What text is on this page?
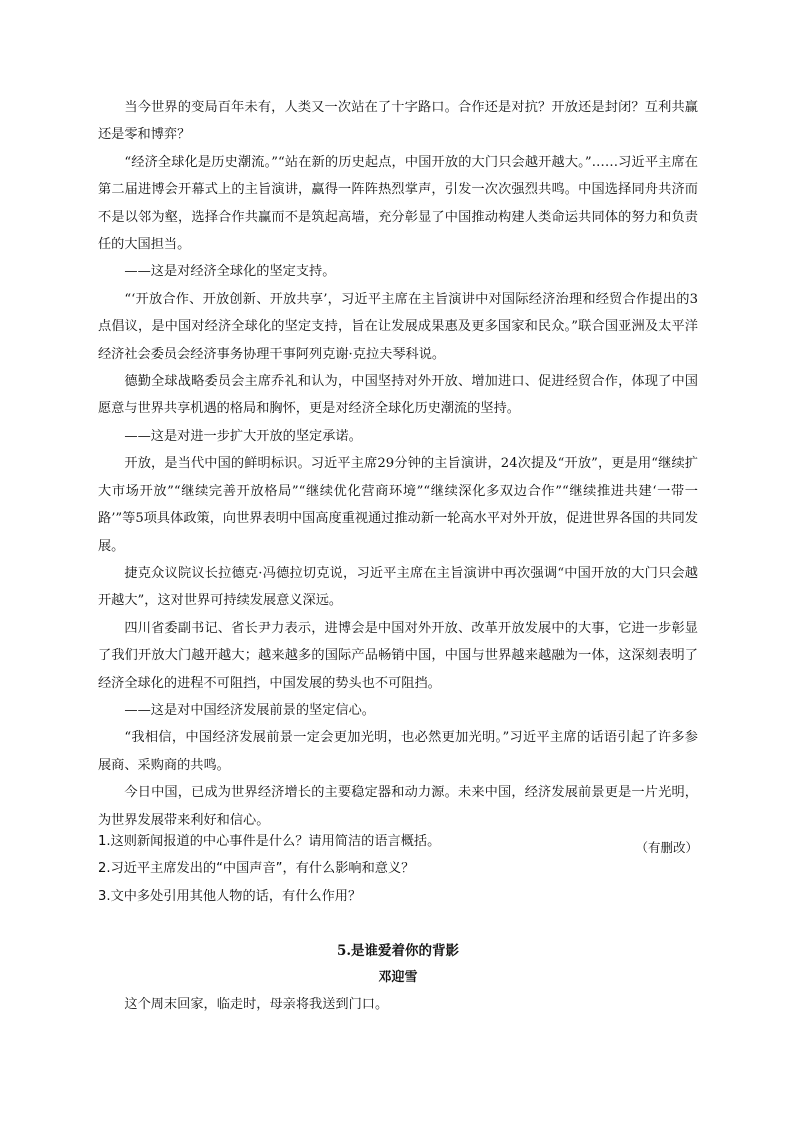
当今世界的变局百年未有，人类又一次站在了十字路口。合作还是对抗？开放还是封闭？互利共赢还是零和博弈？

“经济全球化是历史潮流。”“站在新的历史起点，中国开放的大门只会越开越大。”……习近平主席在第二届进博会开幕式上的主旨演讲，赢得一阵阵热烈掌声，引发一次次强烈共鸣。中国选择同舟共济而不是以邻为壑，选择合作共赢而不是筑起高墙，充分彰显了中国推动构建人类命运共同体的努力和负责任的大国担当。

——这是对经济全球化的坚定支持。

“‘开放合作、开放创新、开放共享’，习近平主席在主旨演讲中对国际经济治理和经贸合作提出的3点倡议，是中国对经济全球化的坚定支持，旨在让发展成果惠及更多国家和民众。”联合国亚洲及太平洋经济社会委员会经济事务协理干事阿列克谢·克拉夫琴科说。

德勤全球战略委员会主席乔礼和认为，中国坚持对外开放、增加进口、促进经贸合作，体现了中国愿意与世界共享机遇的格局和胸怀，更是对经济全球化历史潮流的坚持。

——这是对进一步扩大开放的坚定承诺。

开放，是当代中国的鲜明标识。习近平主席29分钟的主旨演讲，24次提及“开放”，更是用“继续扩大市场开放”“继续完善开放格局”“继续优化营商环境”“继续深化多双边合作”“继续推进共建‘一带一路’”等5项具体政策，向世界表明中国高度重视通过推动新一轮高水平对外开放，促进世界各国的共同发展。

捷克众议院议长拉德克·冯德拉切克说，习近平主席在主旨演讲中再次强调“中国开放的大门只会越开越大”，这对世界可持续发展意义深远。

四川省委副书记、省长尹力表示，进博会是中国对外开放、改革开放发展中的大事，它进一步彰显了我们开放大门越开越大；越来越多的国际产品畅销中国，中国与世界越来越融为一体，这深刻表明了经济全球化的进程不可阻挡，中国发展的势头也不可阻挡。

——这是对中国经济发展前景的坚定信心。

“我相信，中国经济发展前景一定会更加光明，也必然更加光明。”习近平主席的话语引起了许多参展商、采购商的共鸣。

今日中国，已成为世界经济增长的主要稳定器和动力源。未来中国，经济发展前景更是一片光明，为世界发展带来利好和信心。

（有删改）

1.这则新闻报道的中心事件是什么？请用简洁的语言概括。

2.习近平主席发出的“中国声音”，有什么影响和意义？

3.文中多处引用其他人物的话，有什么作用？

5.是谁爱着你的背影
邓迎雪

这个周末回家，临走时，母亲将我送到门口。
